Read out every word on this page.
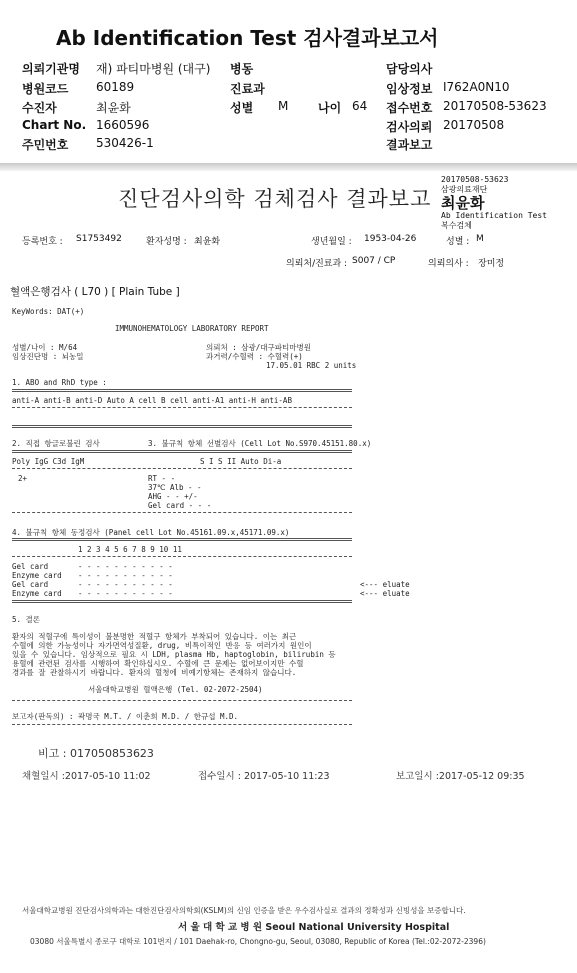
Ab Identification Test 검사결과보고서
의뢰기관명 재) 파티마병원 (대구)
병원코드 60189
수진자	최윤화
Chart No. 1660596
주민번호 530426-1
병동
진료과
성별 M 나이 64
담당의사
임상정보 I762A0N10
접수번호 20170508-53623
검사의뢰 20170508
결과보고
진단검사의학 검체검사 결과보고
20170508-53623
삼광의료재단
최윤화
Ab Identification Test
복수검체
등록번호 : S1753492	환자성명 : 최윤화	생년월일 : 1953-04-26	성별 : M
의뢰처/진료과 : S007 / CP	의뢰의사 : 장미정
혈액은행검사 ( L70 ) [ Plain Tube ]
KeyWords: DAT(+)
IMMUNOHEMATOLOGY LABORATORY REPORT
성별/나이 : M/64
임상진단명 : 뇌농밀
의뢰처 : 삼광/대구파티마병원
과거력/수혈력 : 수혈력(+)
17.05.01 RBC 2 units
1. ABO and RhD type :
anti-A anti-B anti-D Auto A cell B cell anti-A1 anti-H anti-AB
2. 직접 항글로불린 검사	3. 불규칙 항체 선별검사 (Cell Lot No.S970.45151.80.x)
Poly IgG C3d IgM	S I S II Auto Di-a
2+	RT - -
37℃ Alb - -
AHG - - +/-
Gel card - - -
4. 불규칙 항체 동정검사 (Panel cell Lot No.45161.09.x,45171.09.x)
1 2 3 4 5 6 7 8 9 10 11
Gel card	- - - - - - - - - - -
Enzyme card - - - - - - - - - - -
Gel card	- - - - - - - - - - -	<--- eluate
Enzyme card - - - - - - - - - - -	<--- eluate
5. 결론
환자의 적혈구에 특이성이 불분명한 적혈구 항체가 부착되어 있습니다. 이는 최근
수혈에 의한 가능성이나 자가면역성질환, drug, 비특이적인 반응 등 여러가지 원인이
있을 수 있습니다. 임상적으로 필요 시 LDH, plasma Hb, haptoglobin, bilirubin 등
용혈에 관련된 검사를 시행하여 확인하십시오. 수혈에 큰 문제는 없어보이지만 수혈
경과를 잘 관찰하시기 바랍니다. 환자의 혈청에 비예기항체는 존재하지 않습니다.
서울대학교병원 혈액은행 (Tel. 02-2072-2504)
보고자(판독의) : 곽명국 M.T. / 이춘희 M.D. / 한규섭 M.D.
비고 : 017050853623
채혈일시 :2017-05-10 11:02	접수일시 : 2017-05-10 11:23	보고일시 :2017-05-12 09:35
서울대학교병원 진단검사의학과는 대한진단검사의학회(KSLM)의 신임 인증을 받은 우수검사실로 결과의 정확성과 신빙성을 보증합니다.
서 울 대 학 교 병 원 Seoul National University Hospital
03080 서울특별시 종로구 대학로 101번지 / 101 Daehak-ro, Chongno-gu, Seoul, 03080, Republic of Korea (Tel.:02-2072-2396)
